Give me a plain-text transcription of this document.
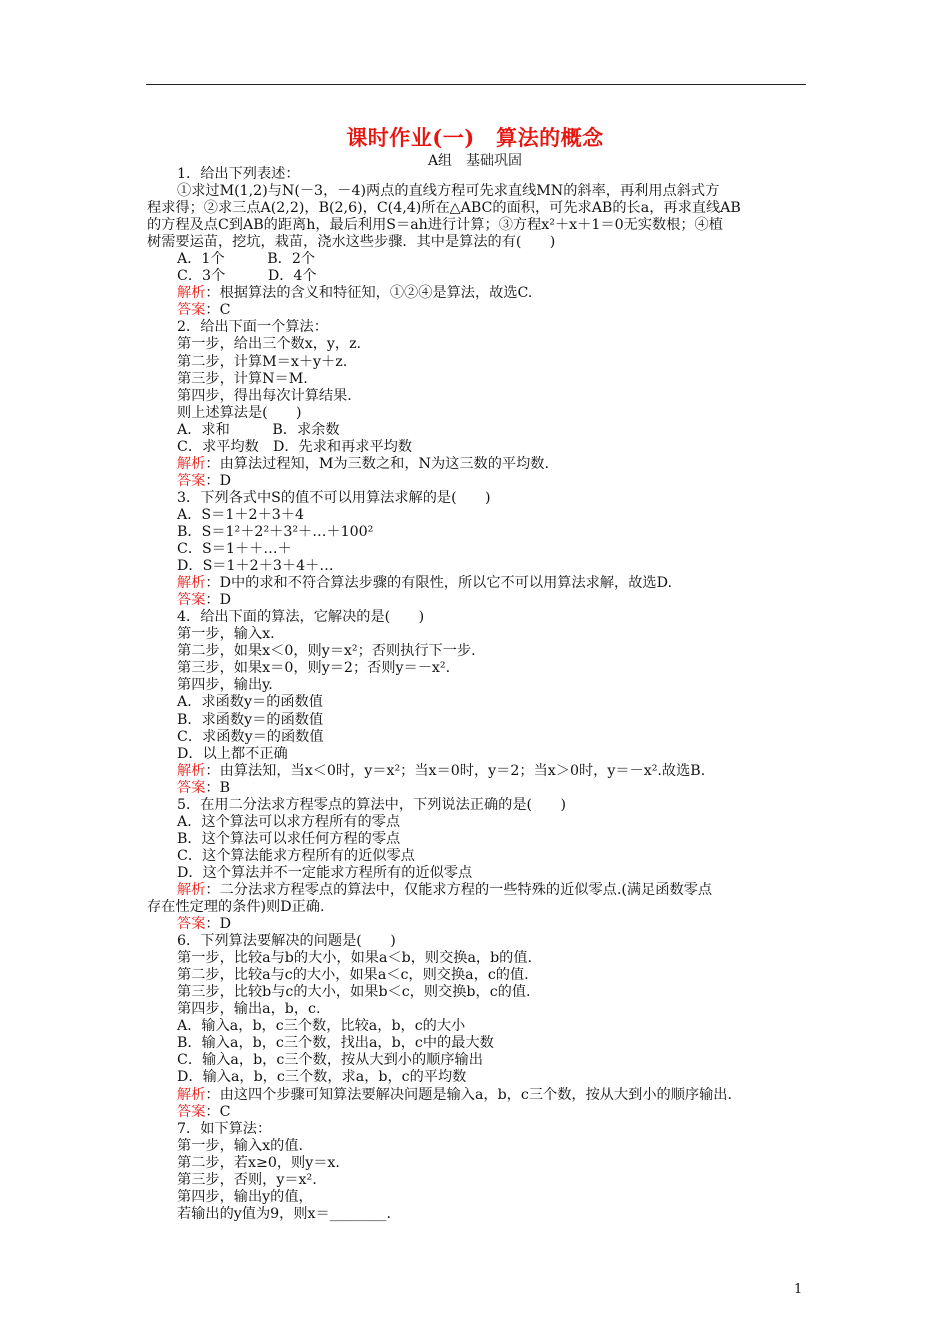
课时作业(一)　算法的概念
A组　基础巩固
1．给出下列表述：
①求过M(1,2)与N(－3，－4)两点的直线方程可先求直线MN的斜率，再利用点斜式方
程求得；②求三点A(2,2)，B(2,6)，C(4,4)所在△ABC的面积，可先求AB的长a，再求直线AB
的方程及点C到AB的距离h，最后利用S＝ah进行计算；③方程x²＋x＋1＝0无实数根；④植
树需要运苗，挖坑，栽苗，浇水这些步骤．其中是算法的有(　　)
A．1个　　　B．2个
C．3个　　　D．4个
解析：根据算法的含义和特征知，①②④是算法，故选C.
答案：C
2．给出下面一个算法：
第一步，给出三个数x，y，z.
第二步，计算M＝x＋y＋z.
第三步，计算N＝M.
第四步，得出每次计算结果.
则上述算法是(　　)
A．求和　　　B．求余数
C．求平均数　D．先求和再求平均数
解析：由算法过程知，M为三数之和，N为这三数的平均数.
答案：D
3．下列各式中S的值不可以用算法求解的是(　　)
A．S＝1＋2＋3＋4
B．S＝1²＋2²＋3²＋…＋100²
C．S＝1＋＋…＋
D．S＝1＋2＋3＋4＋…
解析：D中的求和不符合算法步骤的有限性，所以它不可以用算法求解，故选D.
答案：D
4．给出下面的算法，它解决的是(　　)
第一步，输入x.
第二步，如果x＜0，则y＝x²；否则执行下一步.
第三步，如果x＝0，则y＝2；否则y＝－x².
第四步，输出y.
A．求函数y＝的函数值
B．求函数y＝的函数值
C．求函数y＝的函数值
D．以上都不正确
解析：由算法知，当x＜0时，y＝x²；当x＝0时，y＝2；当x＞0时，y＝－x².故选B.
答案：B
5．在用二分法求方程零点的算法中，下列说法正确的是(　　)
A．这个算法可以求方程所有的零点
B．这个算法可以求任何方程的零点
C．这个算法能求方程所有的近似零点
D．这个算法并不一定能求方程所有的近似零点
解析：二分法求方程零点的算法中，仅能求方程的一些特殊的近似零点.(满足函数零点
存在性定理的条件)则D正确.
答案：D
6．下列算法要解决的问题是(　　)
第一步，比较a与b的大小，如果a＜b，则交换a，b的值.
第二步，比较a与c的大小，如果a＜c，则交换a，c的值.
第三步，比较b与c的大小，如果b＜c，则交换b，c的值.
第四步，输出a，b，c.
A．输入a，b，c三个数，比较a，b，c的大小
B．输入a，b，c三个数，找出a，b，c中的最大数
C．输入a，b，c三个数，按从大到小的顺序输出
D．输入a，b，c三个数，求a，b，c的平均数
解析：由这四个步骤可知算法要解决问题是输入a，b，c三个数，按从大到小的顺序输出.
答案：C
7．如下算法：
第一步，输入x的值.
第二步，若x≥0，则y＝x.
第三步，否则，y＝x².
第四步，输出y的值，
若输出的y值为9，则x＝________.
1
